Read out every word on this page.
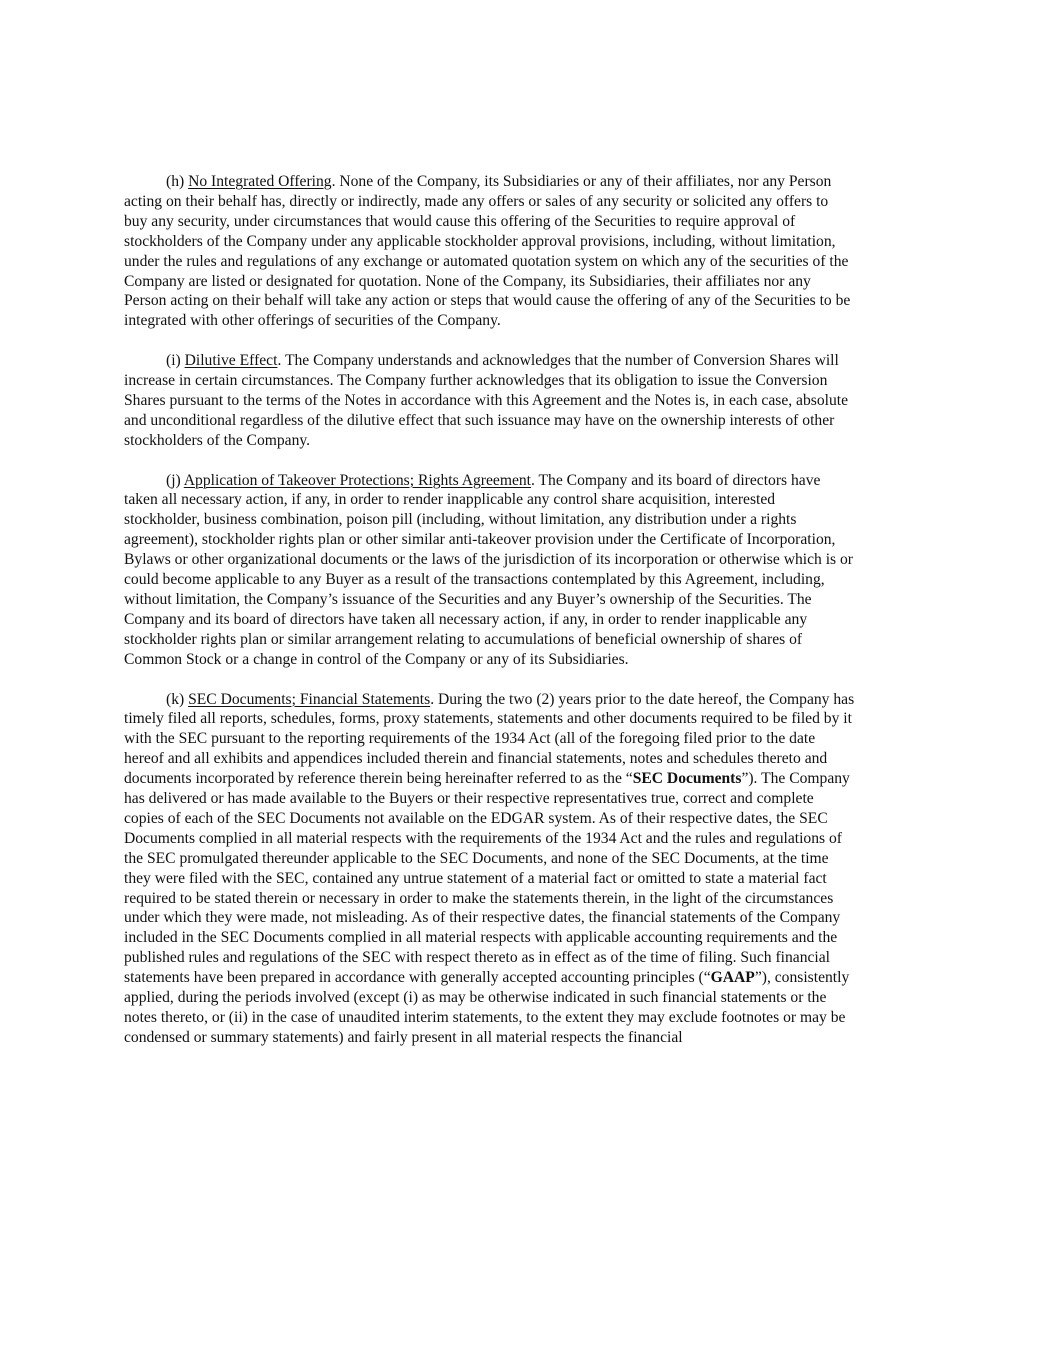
(h) No Integrated Offering. None of the Company, its Subsidiaries or any of their affiliates, nor any Person
acting on their behalf has, directly or indirectly, made any offers or sales of any security or solicited any offers to
buy any security, under circumstances that would cause this offering of the Securities to require approval of
stockholders of the Company under any applicable stockholder approval provisions, including, without limitation,
under the rules and regulations of any exchange or automated quotation system on which any of the securities of the
Company are listed or designated for quotation. None of the Company, its Subsidiaries, their affiliates nor any
Person acting on their behalf will take any action or steps that would cause the offering of any of the Securities to be
integrated with other offerings of securities of the Company.
(i) Dilutive Effect. The Company understands and acknowledges that the number of Conversion Shares will
increase in certain circumstances. The Company further acknowledges that its obligation to issue the Conversion
Shares pursuant to the terms of the Notes in accordance with this Agreement and the Notes is, in each case, absolute
and unconditional regardless of the dilutive effect that such issuance may have on the ownership interests of other
stockholders of the Company.
(j) Application of Takeover Protections; Rights Agreement. The Company and its board of directors have
taken all necessary action, if any, in order to render inapplicable any control share acquisition, interested
stockholder, business combination, poison pill (including, without limitation, any distribution under a rights
agreement), stockholder rights plan or other similar anti-takeover provision under the Certificate of Incorporation,
Bylaws or other organizational documents or the laws of the jurisdiction of its incorporation or otherwise which is or
could become applicable to any Buyer as a result of the transactions contemplated by this Agreement, including,
without limitation, the Company’s issuance of the Securities and any Buyer’s ownership of the Securities. The
Company and its board of directors have taken all necessary action, if any, in order to render inapplicable any
stockholder rights plan or similar arrangement relating to accumulations of beneficial ownership of shares of
Common Stock or a change in control of the Company or any of its Subsidiaries.
(k) SEC Documents; Financial Statements. During the two (2) years prior to the date hereof, the Company has
timely filed all reports, schedules, forms, proxy statements, statements and other documents required to be filed by it
with the SEC pursuant to the reporting requirements of the 1934 Act (all of the foregoing filed prior to the date
hereof and all exhibits and appendices included therein and financial statements, notes and schedules thereto and
documents incorporated by reference therein being hereinafter referred to as the “SEC Documents”). The Company
has delivered or has made available to the Buyers or their respective representatives true, correct and complete
copies of each of the SEC Documents not available on the EDGAR system. As of their respective dates, the SEC
Documents complied in all material respects with the requirements of the 1934 Act and the rules and regulations of
the SEC promulgated thereunder applicable to the SEC Documents, and none of the SEC Documents, at the time
they were filed with the SEC, contained any untrue statement of a material fact or omitted to state a material fact
required to be stated therein or necessary in order to make the statements therein, in the light of the circumstances
under which they were made, not misleading. As of their respective dates, the financial statements of the Company
included in the SEC Documents complied in all material respects with applicable accounting requirements and the
published rules and regulations of the SEC with respect thereto as in effect as of the time of filing. Such financial
statements have been prepared in accordance with generally accepted accounting principles (“GAAP”), consistently
applied, during the periods involved (except (i) as may be otherwise indicated in such financial statements or the
notes thereto, or (ii) in the case of unaudited interim statements, to the extent they may exclude footnotes or may be
condensed or summary statements) and fairly present in all material respects the financial
